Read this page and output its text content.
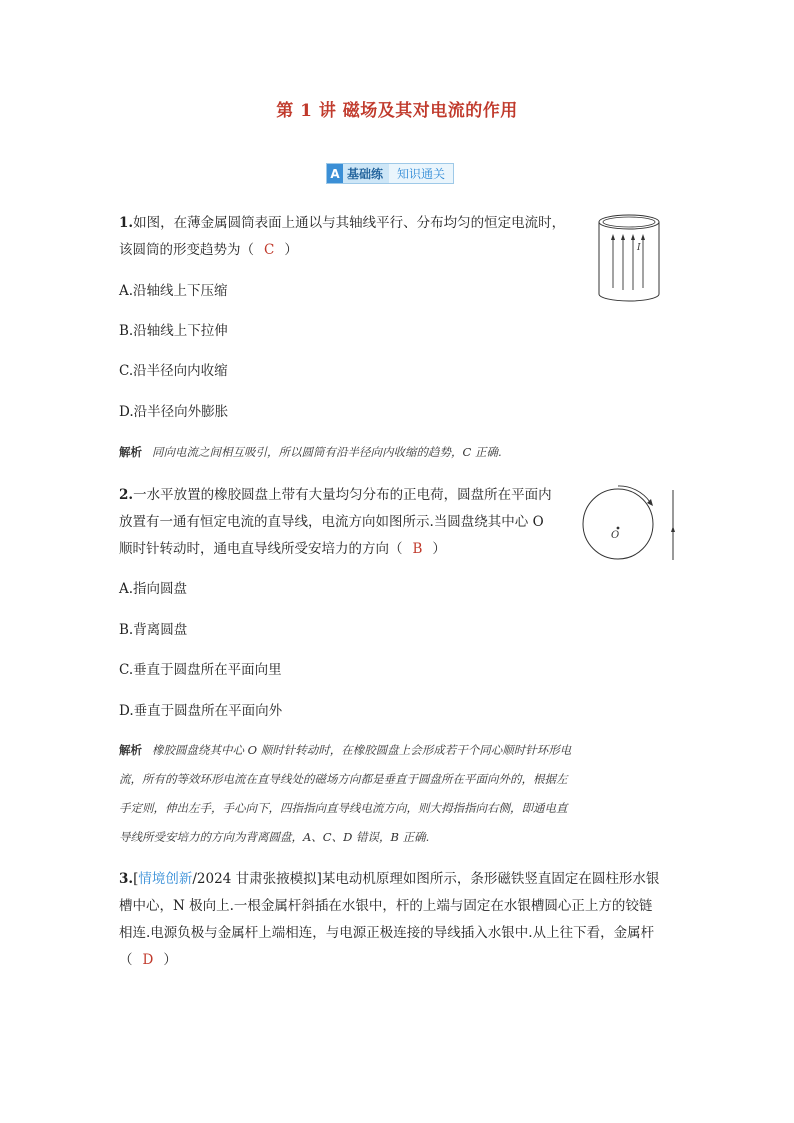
第 1 讲 磁场及其对电流的作用
A 基础练	知识通关
1.如图，在薄金属圆筒表面上通以与其轴线平行、分布均匀的恒定电流时，
该圆筒的形变趋势为（ C ）
A.沿轴线上下压缩
B.沿轴线上下拉伸
C.沿半径向内收缩
D.沿半径向外膨胀
解析 同向电流之间相互吸引，所以圆筒有沿半径向内收缩的趋势，C 正确.
I
2.一水平放置的橡胶圆盘上带有大量均匀分布的正电荷，圆盘所在平面内
放置有一通有恒定电流的直导线，电流方向如图所示.当圆盘绕其中心 O
顺时针转动时，通电直导线所受安培力的方向（ B ）
A.指向圆盘
B.背离圆盘
C.垂直于圆盘所在平面向里
D.垂直于圆盘所在平面向外
解析 橡胶圆盘绕其中心 O 顺时针转动时，在橡胶圆盘上会形成若干个同心顺时针环形电
流，所有的等效环形电流在直导线处的磁场方向都是垂直于圆盘所在平面向外的，根据左
手定则，伸出左手，手心向下，四指指向直导线电流方向，则大拇指指向右侧，即通电直
导线所受安培力的方向为背离圆盘，A、C、D 错误，B 正确.
O
3.[情境创新/2024 甘肃张掖模拟]某电动机原理如图所示，条形磁铁竖直固定在圆柱形水银
槽中心，N 极向上.一根金属杆斜插在水银中，杆的上端与固定在水银槽圆心正上方的铰链
相连.电源负极与金属杆上端相连，与电源正极连接的导线插入水银中.从上往下看，金属杆
（ D ）
